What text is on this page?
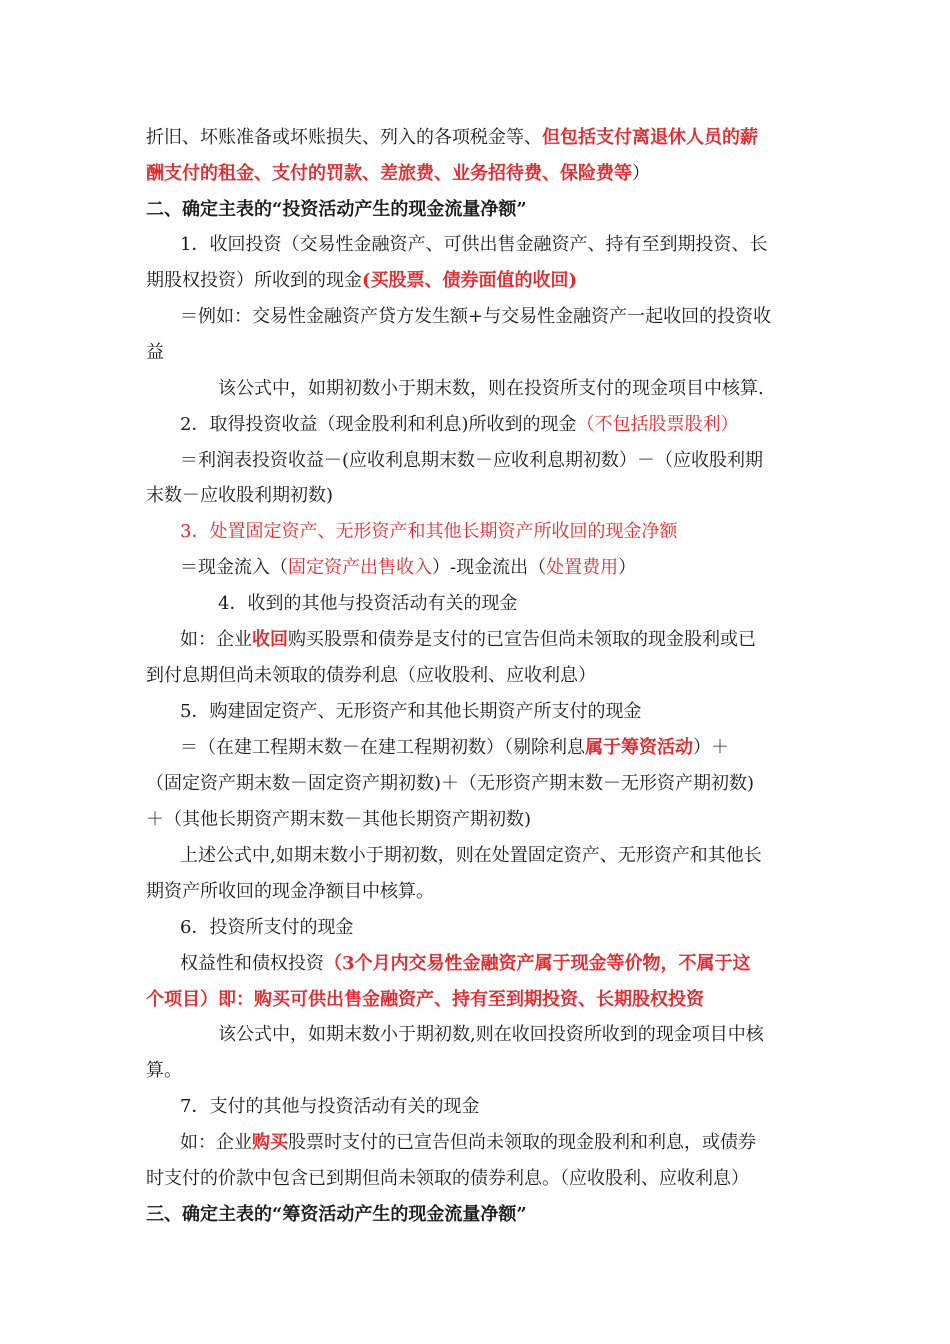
折旧、坏账准备或坏账损失、列入的各项税金等、但包括支付离退休人员的薪
酬支付的租金、支付的罚款、差旅费、业务招待费、保险费等）
二、确定主表的“投资活动产生的现金流量净额”
1．收回投资（交易性金融资产、可供出售金融资产、持有至到期投资、长
期股权投资）所收到的现金(买股票、债券面值的收回)
＝例如：交易性金融资产贷方发生额+与交易性金融资产一起收回的投资收
益
该公式中，如期初数小于期末数，则在投资所支付的现金项目中核算.
2．取得投资收益（现金股利和利息)所收到的现金（不包括股票股利）
＝利润表投资收益－(应收利息期末数－应收利息期初数）－（应收股利期
末数－应收股利期初数)
3．处置固定资产、无形资产和其他长期资产所收回的现金净额
＝现金流入（固定资产出售收入）-现金流出（处置费用）
4．收到的其他与投资活动有关的现金
如：企业收回购买股票和债券是支付的已宣告但尚未领取的现金股利或已
到付息期但尚未领取的债券利息（应收股利、应收利息）
5．购建固定资产、无形资产和其他长期资产所支付的现金
＝（在建工程期末数－在建工程期初数）（剔除利息属于筹资活动）＋
（固定资产期末数－固定资产期初数)＋（无形资产期末数－无形资产期初数)
＋（其他长期资产期末数－其他长期资产期初数)
上述公式中,如期末数小于期初数，则在处置固定资产、无形资产和其他长
期资产所收回的现金净额目中核算。
6．投资所支付的现金
权益性和债权投资（3个月内交易性金融资产属于现金等价物，不属于这
个项目）即：购买可供出售金融资产、持有至到期投资、长期股权投资
该公式中，如期末数小于期初数,则在收回投资所收到的现金项目中核
算。
7．支付的其他与投资活动有关的现金
如：企业购买股票时支付的已宣告但尚未领取的现金股利和利息，或债券
时支付的价款中包含已到期但尚未领取的债券利息。（应收股利、应收利息）
三、确定主表的“筹资活动产生的现金流量净额”
